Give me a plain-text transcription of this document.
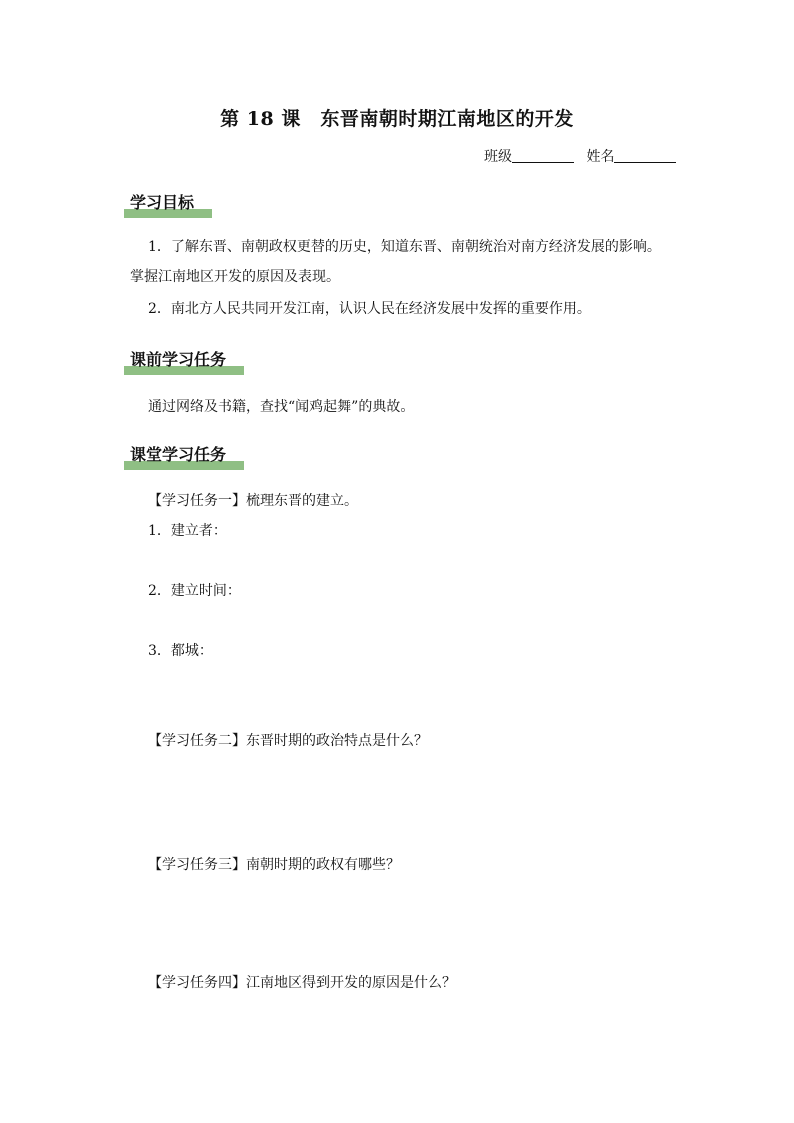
第 18 课　东晋南朝时期江南地区的开发
班级	姓名
学习目标
1．了解东晋、南朝政权更替的历史，知道东晋、南朝统治对南方经济发展的影响。掌握江南地区开发的原因及表现。
2．南北方人民共同开发江南，认识人民在经济发展中发挥的重要作用。
课前学习任务
通过网络及书籍，查找“闻鸡起舞”的典故。
课堂学习任务
【学习任务一】梳理东晋的建立。
1．建立者：
2．建立时间：
3．都城：
【学习任务二】东晋时期的政治特点是什么？
【学习任务三】南朝时期的政权有哪些？
【学习任务四】江南地区得到开发的原因是什么？
